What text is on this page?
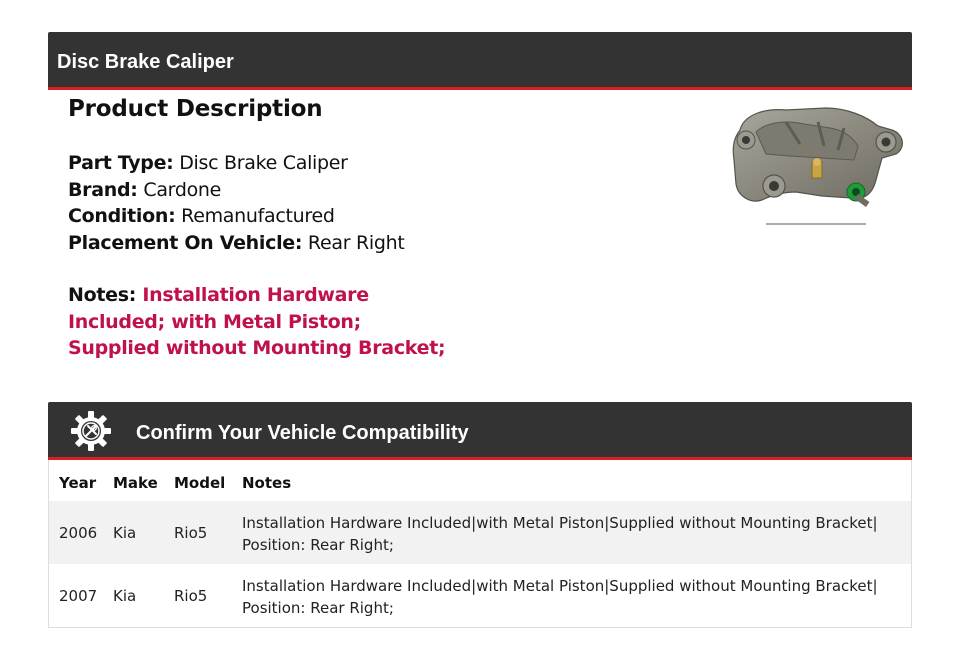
Disc Brake Caliper
Product Description
Part Type: Disc Brake Caliper
Brand: Cardone
Condition: Remanufactured
Placement On Vehicle: Rear Right
Notes: Installation Hardware Included; with Metal Piston; Supplied without Mounting Bracket;
Confirm Your Vehicle Compatibility
Year Make Model Notes
2006 Kia	Rio5
Installation Hardware Included|with Metal Piston|Supplied without Mounting Bracket| Position: Rear Right;
2007 Kia	Rio5
Installation Hardware Included|with Metal Piston|Supplied without Mounting Bracket| Position: Rear Right;
